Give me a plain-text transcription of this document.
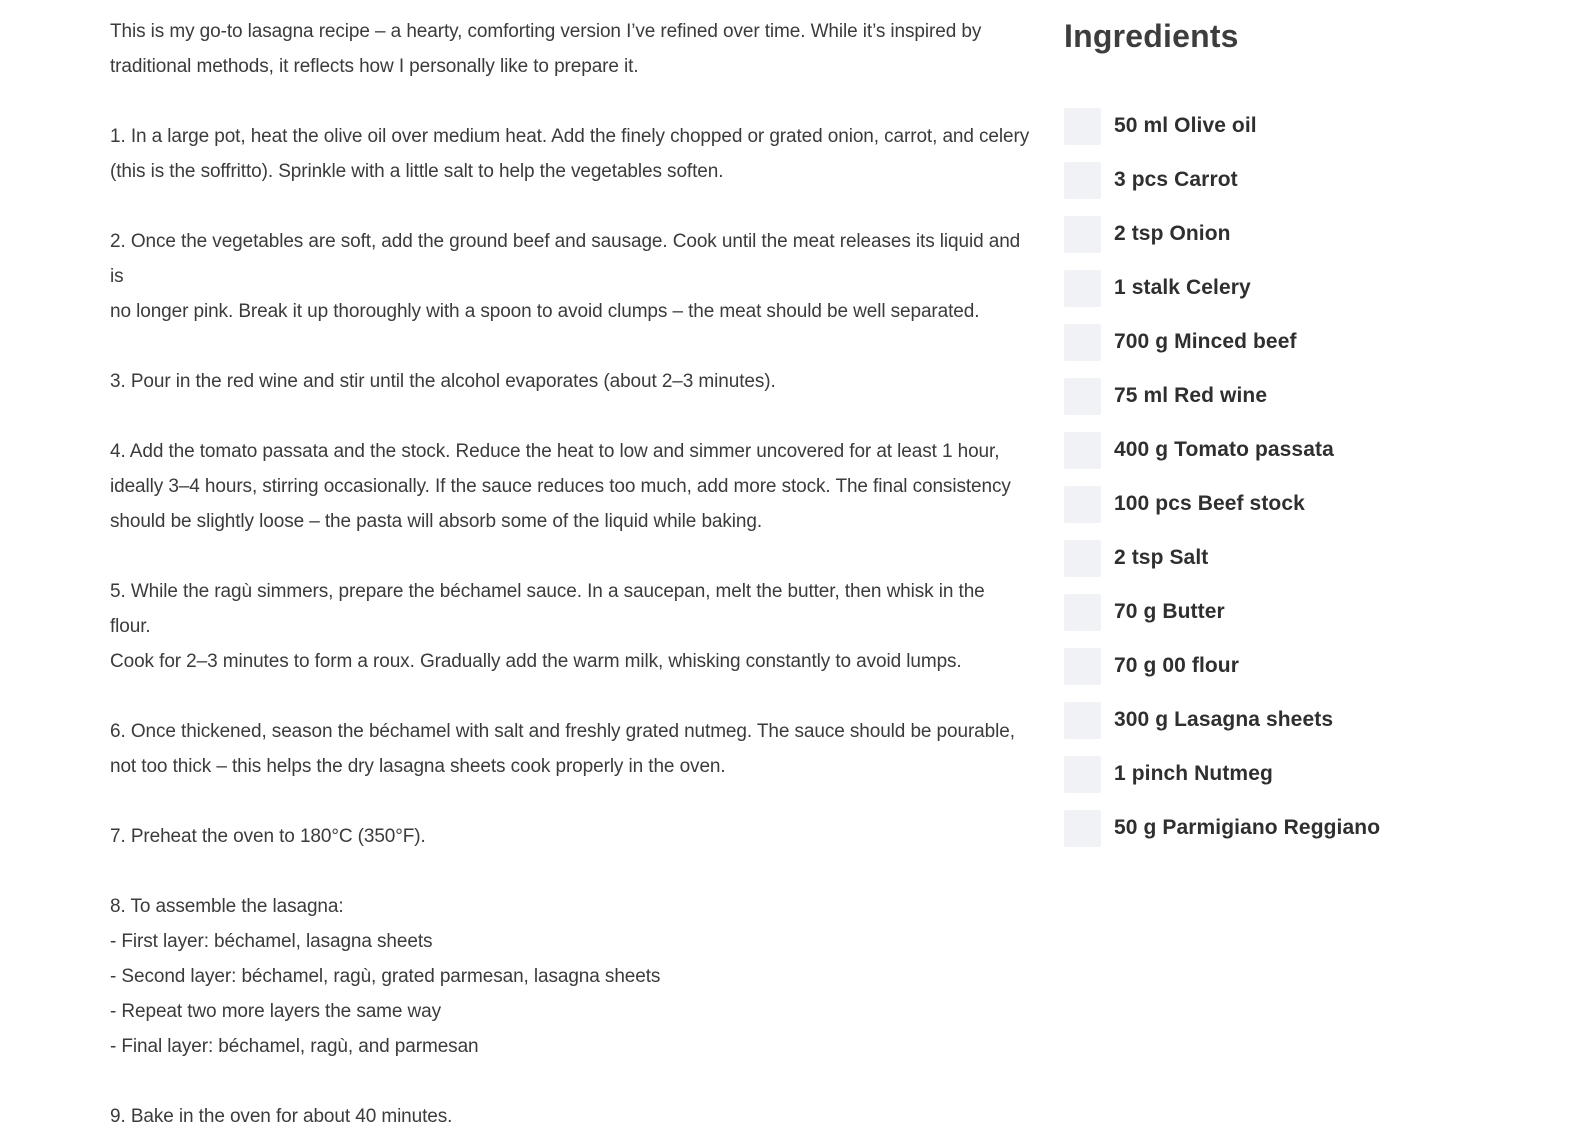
This is my go-to lasagna recipe – a hearty, comforting version I’ve refined over time. While it’s inspired by
traditional methods, it reflects how I personally like to prepare it.

1. In a large pot, heat the olive oil over medium heat. Add the finely chopped or grated onion, carrot, and celery
(this is the soffritto). Sprinkle with a little salt to help the vegetables soften.

2. Once the vegetables are soft, add the ground beef and sausage. Cook until the meat releases its liquid and is
no longer pink. Break it up thoroughly with a spoon to avoid clumps – the meat should be well separated.

3. Pour in the red wine and stir until the alcohol evaporates (about 2–3 minutes).

4. Add the tomato passata and the stock. Reduce the heat to low and simmer uncovered for at least 1 hour,
ideally 3–4 hours, stirring occasionally. If the sauce reduces too much, add more stock. The final consistency
should be slightly loose – the pasta will absorb some of the liquid while baking.

5. While the ragù simmers, prepare the béchamel sauce. In a saucepan, melt the butter, then whisk in the flour.
Cook for 2–3 minutes to form a roux. Gradually add the warm milk, whisking constantly to avoid lumps.

6. Once thickened, season the béchamel with salt and freshly grated nutmeg. The sauce should be pourable,
not too thick – this helps the dry lasagna sheets cook properly in the oven.

7. Preheat the oven to 180°C (350°F).

8. To assemble the lasagna:
- First layer: béchamel, lasagna sheets
- Second layer: béchamel, ragù, grated parmesan, lasagna sheets
- Repeat two more layers the same way
- Final layer: béchamel, ragù, and parmesan

9. Bake in the oven for about 40 minutes.

Ingredients
50 ml Olive oil
3 pcs Carrot
2 tsp Onion
1 stalk Celery
700 g Minced beef
75 ml Red wine
400 g Tomato passata
100 pcs Beef stock
2 tsp Salt
70 g Butter
70 g 00 flour
300 g Lasagna sheets
1 pinch Nutmeg
50 g Parmigiano Reggiano
